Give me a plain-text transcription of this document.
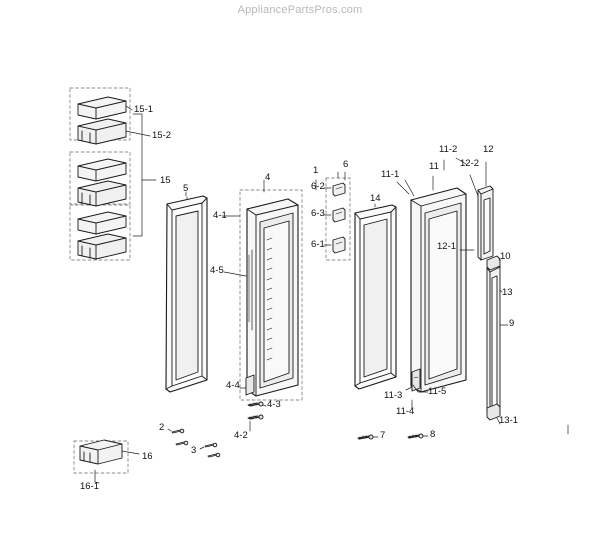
AppliancePartsPros.com
15-1
15-2
15
5
4
4-1
4-5
4-4
4-3
4-2
1
6
6-2
6-3
6-1
14
11-1
11
11-2	12
12-2
12-1
10
13
9
13-1
11-5
11-3
11-4
2
3
7	8
16
16-1
